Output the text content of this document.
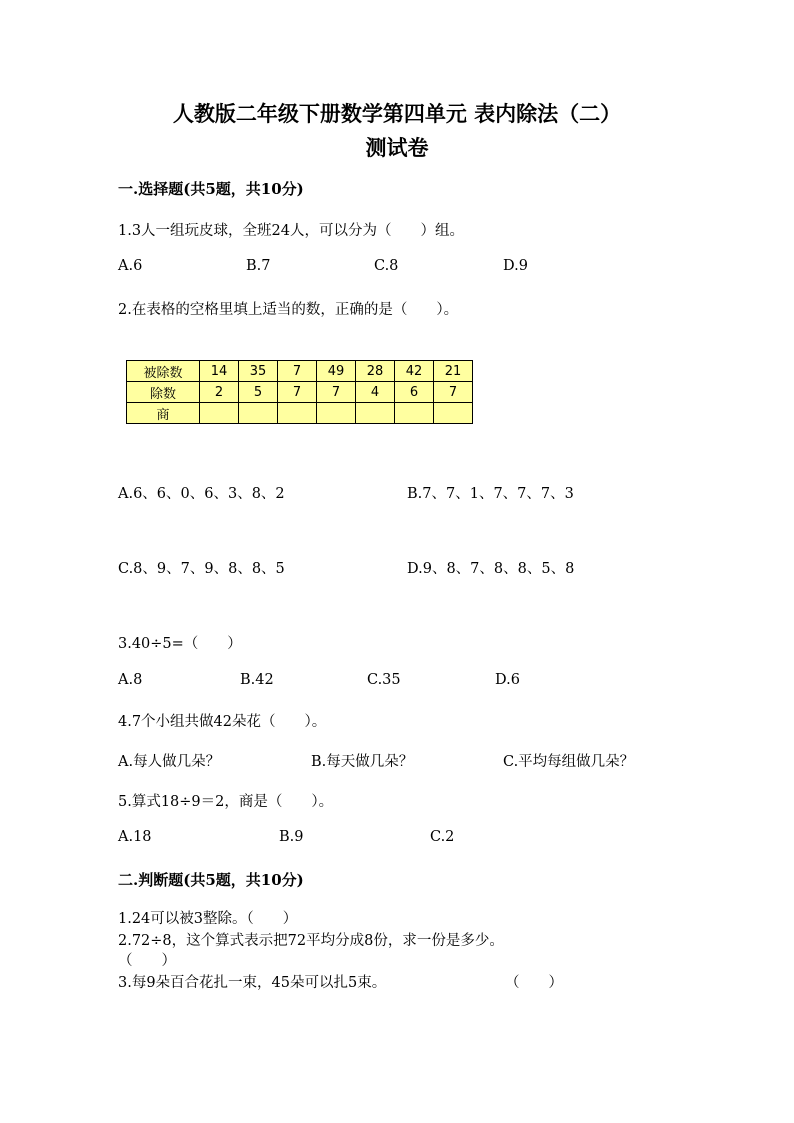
人教版二年级下册数学第四单元 表内除法（二）
测试卷
一.选择题(共5题，共10分)
1.3人一组玩皮球，全班24人，可以分为（　　）组。
A.6	B.7	C.8	D.9
2.在表格的空格里填上适当的数，正确的是（　　）。
被除数	14	35	7	49	28	42	21
除数	2	5	7	7	4	6	7
商							
A.6、6、0、6、3、8、2	B.7、7、1、7、7、7、3
C.8、9、7、9、8、8、5	D.9、8、7、8、8、5、8
3.40÷5=（　　）
A.8	B.42	C.35	D.6
4.7个小组共做42朵花（　　）。
A.每人做几朵？	B.每天做几朵？	C.平均每组做几朵？
5.算式18÷9＝2，商是（　　）。
A.18	B.9	C.2
二.判断题(共5题，共10分)
1.24可以被3整除。（　　）
2.72÷8，这个算式表示把72平均分成8份，求一份是多少。
（　　）
3.每9朵百合花扎一束，45朵可以扎5束。	（　　）
